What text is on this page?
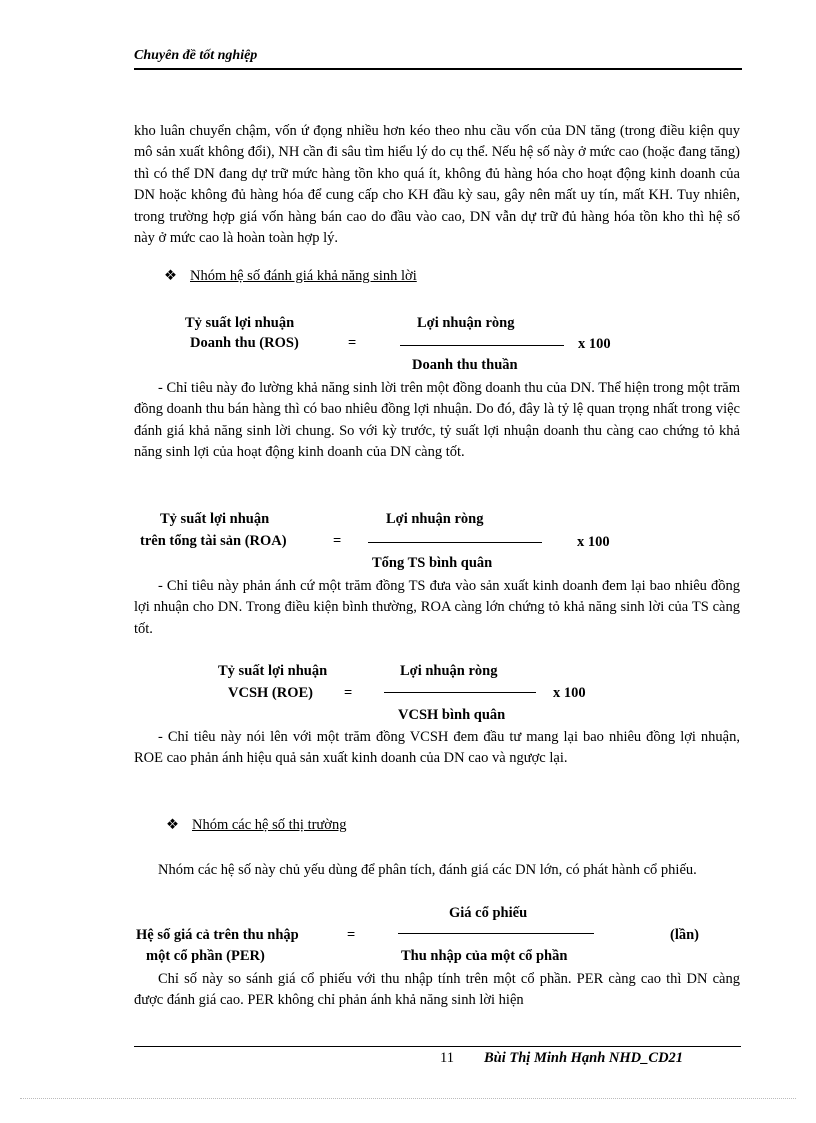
Chuyên đề tốt nghiệp

kho luân chuyển chậm, vốn ứ đọng nhiều hơn kéo theo nhu cầu vốn của DN tăng (trong điều kiện quy mô sản xuất không đổi), NH cần đi sâu tìm hiểu lý do cụ thể. Nếu hệ số này ở mức cao (hoặc đang tăng) thì có thể DN đang dự trữ mức hàng tồn kho quá ít, không đủ hàng hóa cho hoạt động kinh doanh của DN hoặc không đủ hàng hóa để cung cấp cho KH đầu kỳ sau, gây nên mất uy tín, mất KH. Tuy nhiên, trong trường hợp giá vốn hàng bán cao do đầu vào cao, DN vẫn dự trữ đủ hàng hóa tồn kho thì hệ số này ở mức cao là hoàn toàn hợp lý.

❖ Nhóm hệ số đánh giá khả năng sinh lời
Tỷ suất lợi nhuận
Doanh thu (ROS)	=
Lợi nhuận ròng
Doanh thu thuần
x 100

- Chỉ tiêu này đo lường khả năng sinh lời trên một đồng doanh thu của DN. Thể hiện trong một trăm đồng doanh thu bán hàng thì có bao nhiêu đồng lợi nhuận. Do đó, đây là tỷ lệ quan trọng nhất trong việc đánh giá khả năng sinh lời chung. So với kỳ trước, tỷ suất lợi nhuận doanh thu càng cao chứng tỏ khả năng sinh lợi của hoạt động kinh doanh của DN càng tốt.

Tỷ suất lợi nhuận
trên tổng tài sản (ROA)	=
Lợi nhuận ròng
Tổng TS bình quân
x 100

- Chỉ tiêu này phản ánh cứ một trăm đồng TS đưa vào sản xuất kinh doanh đem lại bao nhiêu đồng lợi nhuận cho DN. Trong điều kiện bình thường, ROA càng lớn chứng tỏ khả năng sinh lời của TS càng tốt.

Tỷ suất lợi nhuận
VCSH (ROE) =
Lợi nhuận ròng
VCSH bình quân
x 100

- Chỉ tiêu này nói lên với một trăm đồng VCSH đem đầu tư mang lại bao nhiêu đồng lợi nhuận, ROE cao phản ánh hiệu quả sản xuất kinh doanh của DN cao và ngược lại.

❖ Nhóm các hệ số thị trường

Nhóm các hệ số này chủ yếu dùng để phân tích, đánh giá các DN lớn, có phát hành cổ phiếu.

Giá cổ phiếu
Hệ số giá cả trên thu nhập	=	(lần)
một cổ phần (PER)	Thu nhập của một cổ phần

Chỉ số này so sánh giá cổ phiếu với thu nhập tính trên một cổ phần. PER càng cao thì DN càng được đánh giá cao. PER không chỉ phản ánh khả năng sinh lời hiện

11 Bùi Thị Minh Hạnh NHD_CD21
